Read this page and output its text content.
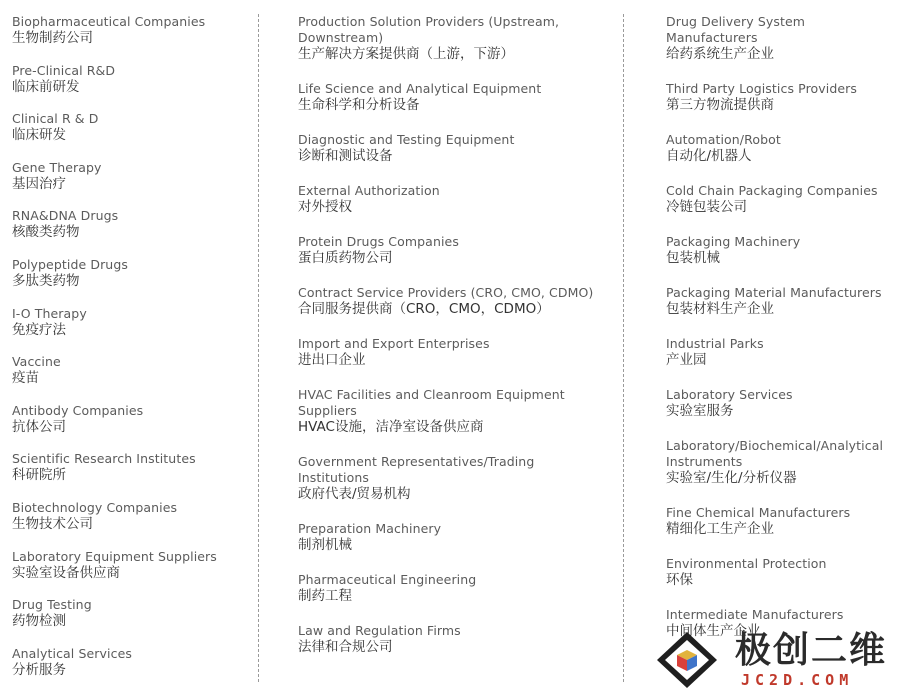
Biopharmaceutical Companies
生物制药公司
Pre-Clinical R&D
临床前研发
Clinical R & D
临床研发
Gene Therapy
基因治疗
RNA&DNA Drugs
核酸类药物
Polypeptide Drugs
多肽类药物
I-O Therapy
免疫疗法
Vaccine
疫苗
Antibody Companies
抗体公司
Scientific Research Institutes
科研院所
Biotechnology Companies
生物技术公司
Laboratory Equipment Suppliers
实验室设备供应商
Drug Testing
药物检测
Analytical Services
分析服务
Production Solution Providers (Upstream, Downstream)
生产解决方案提供商（上游，下游）
Life Science and Analytical Equipment
生命科学和分析设备
Diagnostic and Testing Equipment
诊断和测试设备
External Authorization
对外授权
Protein Drugs Companies
蛋白质药物公司
Contract Service Providers (CRO, CMO, CDMO)
合同服务提供商（CRO，CMO，CDMO）
Import and Export Enterprises
进出口企业
HVAC Facilities and Cleanroom Equipment Suppliers
HVAC设施，洁净室设备供应商
Government Representatives/Trading Institutions
政府代表/贸易机构
Preparation Machinery
制剂机械
Pharmaceutical Engineering
制药工程
Law and Regulation Firms
法律和合规公司
Drug Delivery System Manufacturers
给药系统生产企业
Third Party Logistics Providers
第三方物流提供商
Automation/Robot
自动化/机器人
Cold Chain Packaging Companies
冷链包装公司
Packaging Machinery
包装机械
Packaging Material Manufacturers
包装材料生产企业
Industrial Parks
产业园
Laboratory Services
实验室服务
Laboratory/Biochemical/Analytical Instruments
实验室/生化/分析仪器
Fine Chemical Manufacturers
精细化工生产企业
Environmental Protection
环保
Intermediate Manufacturers
中间体生产企业
极创二维
JC2D.COM
